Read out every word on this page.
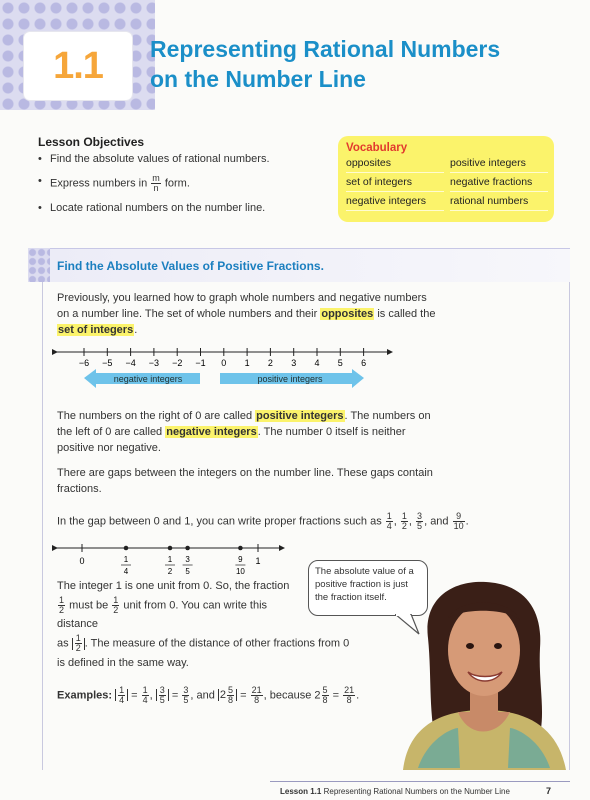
1.1 Representing Rational Numbers
on the Number Line
Lesson Objectives
• Find the absolute values of rational numbers.
• Express numbers in $\frac{m}{n}$ form.
• Locate rational numbers on the number line.
Vocabulary
opposites	positive integers
set of integers	negative fractions
negative integers	rational numbers
Find the Absolute Values of Positive Fractions.
Previously, you learned how to graph whole numbers and negative numbers on a number line. The set of whole numbers and their opposites is called the set of integers.
−6 −5 −4 −3 −2 −1 0 1 2 3 4 5 6
negative integers	positive integers
The numbers on the right of 0 are called positive integers. The numbers on the left of 0 are called negative integers. The number 0 itself is neither positive nor negative.
There are gaps between the integers on the number line. These gaps contain fractions.
In the gap between 0 and 1, you can write proper fractions such as $\frac{1}{4}$ , $\frac{1}{2}$ , $\frac{3}{5}$ , and $\frac{9}{10}$ .
0	1
1
4
1
2
3
5
9
10
The integer 1 is one unit from 0. So, the fraction
$\frac{1}{2}$ must be $\frac{1}{2}$ unit from 0. You can write this distance
as $\frac{1}{2}$ . The measure of the distance of other fractions from 0
is defined in the same way.
The absolute value of a positive fraction is just the fraction itself.
Examples: $\frac{1}{4} = \frac{1}{4}$ , $\frac{3}{5} = \frac{3}{5}$ , and $2 \frac{5}{8} = \frac{21}{8}$ , because $2 \frac{5}{8} = \frac{21}{8}$ .
Lesson 1.1 Representing Rational Numbers on the Number Line	7
